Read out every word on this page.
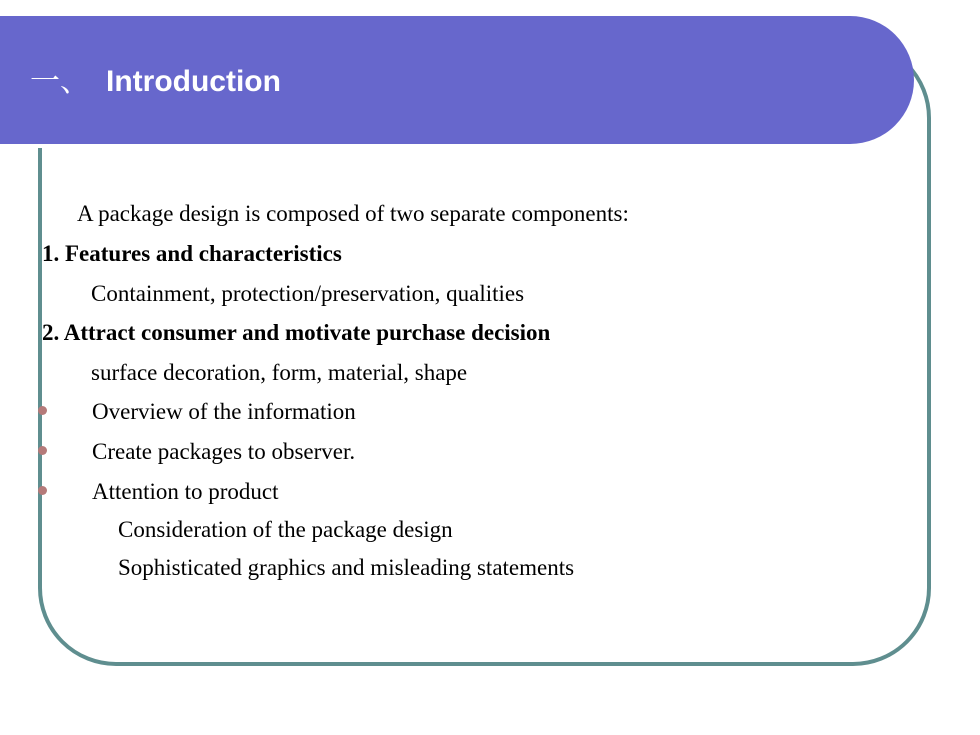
一、 Introduction
A package design is composed of two separate components:
1. Features and characteristics
Containment, protection/preservation, qualities
2. Attract consumer and motivate purchase decision
surface decoration, form, material, shape
Overview of the information
Create packages to observer.
Attention to product
Consideration of the package design
Sophisticated graphics and misleading statements
